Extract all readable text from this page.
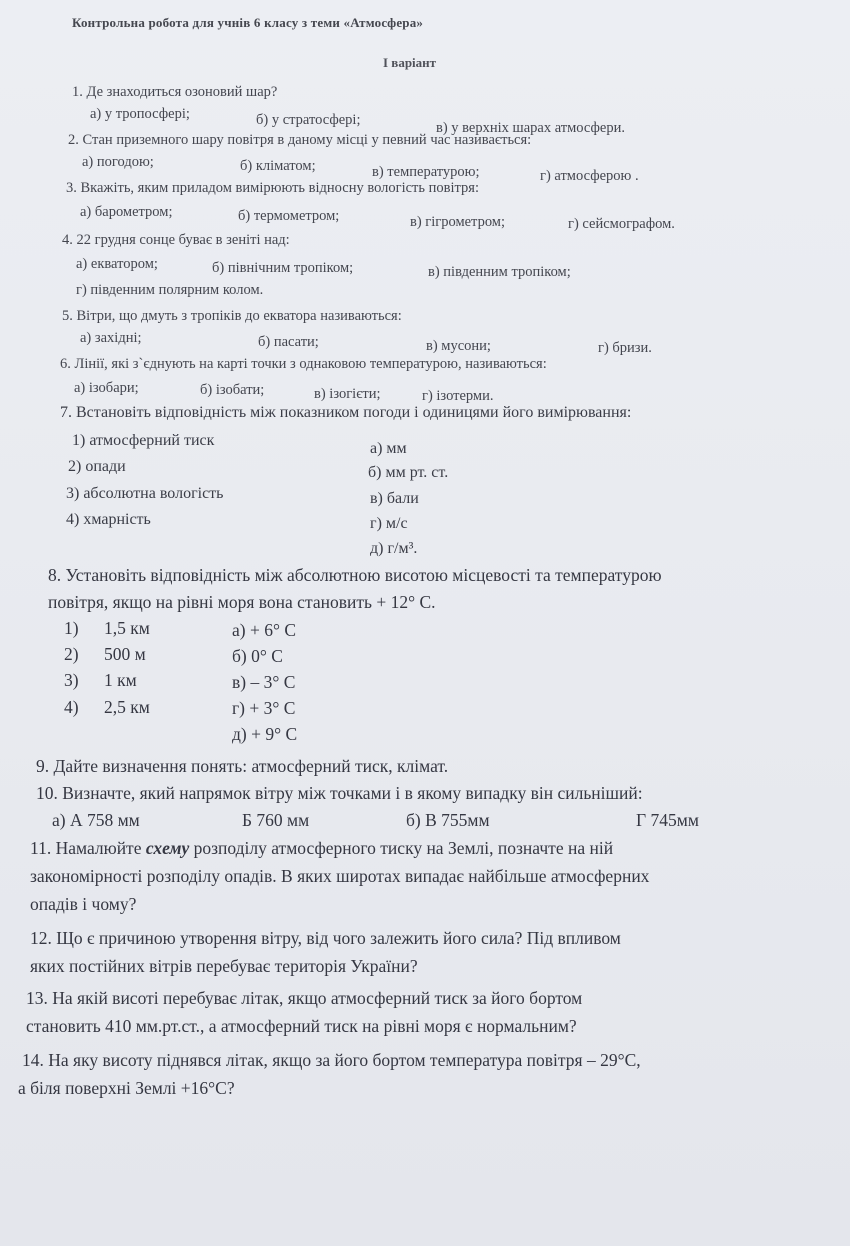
Контрольна робота для учнів 6 класу з теми «Атмосфера»
І варіант
1. Де знаходиться озоновий шар?
а) у тропосфері;	б) у стратосфері;	в) у верхніх шарах атмосфери.
2. Стан приземного шару повітря в даному місці у певний час називається:
а) погодою;	б) кліматом;	в) температурою;	г) атмосферою .
3. Вкажіть, яким приладом вимірюють відносну вологість повітря:
а) барометром;	б) термометром;	в) гігрометром;	г) сейсмографом.
4. 22 грудня сонце буває в зеніті над:
а) екватором;	б) північним тропіком;	в) південним тропіком;
г) південним полярним колом.
5. Вітри, що дмуть з тропіків до екватора називаються:
а) західні;	б) пасати;	в) мусони;	г) бризи.
6. Лінії, які з`єднують на карті точки з однаковою температурою, називаються:
а) ізобари;	б) ізобати;	в) ізогієти;	г) ізотерми.
7. Встановіть відповідність між показником погоди і одиницями його вимірювання:
1) атмосферний тиск
2) опади
3) абсолютна вологість
4) хмарність
а) мм
б) мм рт. ст.
в) бали
г) м/с
д) г/м³.
8. Установіть відповідність між абсолютною висотою місцевості та температурою
повітря, якщо на рівні моря вона становить + 12° С.
1) 1,5 км
2) 500 м
3) 1 км
4) 2,5 км
а) + 6° С
б) 0° С
в) – 3° С
г) + 3° С
д) + 9° С
9. Дайте визначення понять: атмосферний тиск, клімат.
10. Визначте, який напрямок вітру між точками і в якому випадку він сильніший:
а) А 758 мм	Б 760 мм	б) В 755мм	Г 745мм
11. Намалюйте схему розподілу атмосферного тиску на Землі, позначте на ній
закономірності розподілу опадів. В яких широтах випадає найбільше атмосферних
опадів і чому?
12. Що є причиною утворення вітру, від чого залежить його сила? Під впливом
яких постійних вітрів перебуває територія України?
13. На якій висоті перебуває літак, якщо атмосферний тиск за його бортом
становить 410 мм.рт.ст., а атмосферний тиск на рівні моря є нормальним?
14. На яку висоту піднявся літак, якщо за його бортом температура повітря – 29°С,
а біля поверхні Землі +16°С?
